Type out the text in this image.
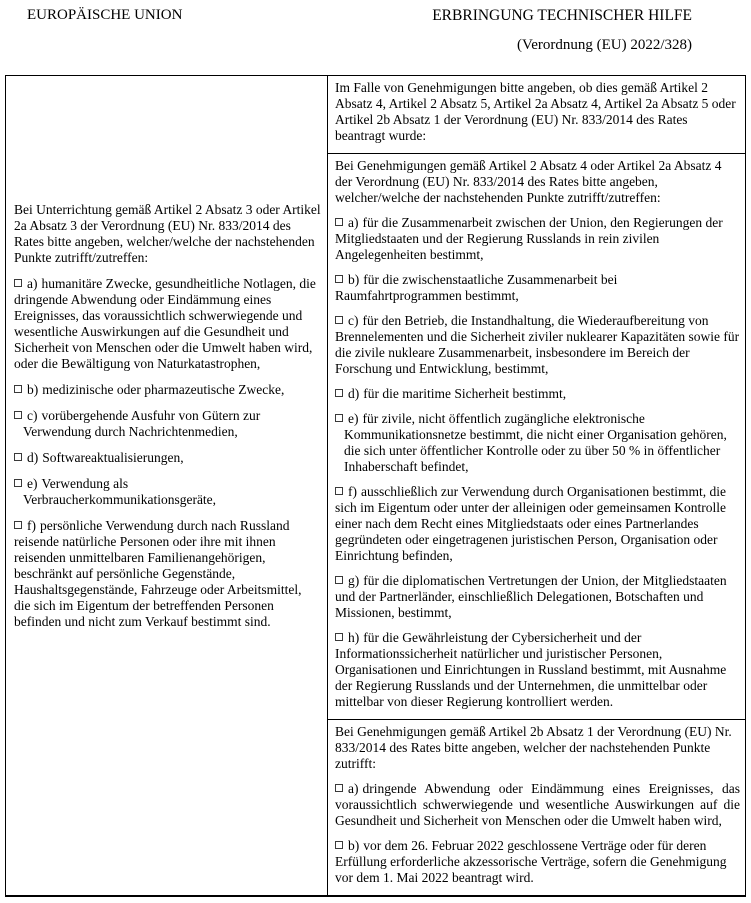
EUROPÄISCHE UNION	ERBRINGUNG TECHNISCHER HILFE
(Verordnung (EU) 2022/328)

Bei Unterrichtung gemäß Artikel 2 Absatz 3 oder Artikel 2a Absatz 3 der Verordnung (EU) Nr. 833/2014 des Rates bitte angeben, welcher/welche der nachstehenden Punkte zutrifft/zutreffen:

a) humanitäre Zwecke, gesundheitliche Notlagen, die dringende Abwendung oder Eindämmung eines Ereignisses, das voraussichtlich schwerwiegende und wesentliche Auswirkungen auf die Gesundheit und Sicherheit von Menschen oder die Umwelt haben wird, oder die Bewältigung von Naturkatastrophen,

b) medizinische oder pharmazeutische Zwecke,

c) vorübergehende Ausfuhr von Gütern zur Verwendung durch Nachrichtenmedien,

d) Softwareaktualisierungen,

e) Verwendung als Verbraucherkommunikationsgeräte,

f) persönliche Verwendung durch nach Russland reisende natürliche Personen oder ihre mit ihnen reisenden unmittelbaren Familienangehörigen, beschränkt auf persönliche Gegenstände, Haushaltsgegenstände, Fahrzeuge oder Arbeitsmittel, die sich im Eigentum der betreffenden Personen befinden und nicht zum Verkauf bestimmt sind.

Im Falle von Genehmigungen bitte angeben, ob dies gemäß Artikel 2 Absatz 4, Artikel 2 Absatz 5, Artikel 2a Absatz 4, Artikel 2a Absatz 5 oder Artikel 2b Absatz 1 der Verordnung (EU) Nr. 833/2014 des Rates beantragt wurde:

Bei Genehmigungen gemäß Artikel 2 Absatz 4 oder Artikel 2a Absatz 4 der Verordnung (EU) Nr. 833/2014 des Rates bitte angeben, welcher/welche der nachstehenden Punkte zutrifft/zutreffen:

a) für die Zusammenarbeit zwischen der Union, den Regierungen der Mitgliedstaaten und der Regierung Russlands in rein zivilen Angelegenheiten bestimmt,

b) für die zwischenstaatliche Zusammenarbeit bei Raumfahrtprogrammen bestimmt,

c) für den Betrieb, die Instandhaltung, die Wiederaufbereitung von Brennelementen und die Sicherheit ziviler nuklearer Kapazitäten sowie für die zivile nukleare Zusammenarbeit, insbesondere im Bereich der Forschung und Entwicklung, bestimmt,

d) für die maritime Sicherheit bestimmt,

e) für zivile, nicht öffentlich zugängliche elektronische Kommunikationsnetze bestimmt, die nicht einer Organisation gehören, die sich unter öffentlicher Kontrolle oder zu über 50 % in öffentlicher Inhaberschaft befindet,

f) ausschließlich zur Verwendung durch Organisationen bestimmt, die sich im Eigentum oder unter der alleinigen oder gemeinsamen Kontrolle einer nach dem Recht eines Mitgliedstaats oder eines Partnerlandes gegründeten oder eingetragenen juristischen Person, Organisation oder Einrichtung befinden,

g) für die diplomatischen Vertretungen der Union, der Mitgliedstaaten und der Partnerländer, einschließlich Delegationen, Botschaften und Missionen, bestimmt,

h) für die Gewährleistung der Cybersicherheit und der Informationssicherheit natürlicher und juristischer Personen, Organisationen und Einrichtungen in Russland bestimmt, mit Ausnahme der Regierung Russlands und der Unternehmen, die unmittelbar oder mittelbar von dieser Regierung kontrolliert werden.

Bei Genehmigungen gemäß Artikel 2b Absatz 1 der Verordnung (EU) Nr. 833/2014 des Rates bitte angeben, welcher der nachstehenden Punkte zutrifft:

a) dringende Abwendung oder Eindämmung eines Ereignisses, das voraussichtlich schwerwiegende und wesentliche Auswirkungen auf die Gesundheit und Sicherheit von Menschen oder die Umwelt haben wird,

b) vor dem 26. Februar 2022 geschlossene Verträge oder für deren Erfüllung erforderliche akzessorische Verträge, sofern die Genehmigung vor dem 1. Mai 2022 beantragt wird.
